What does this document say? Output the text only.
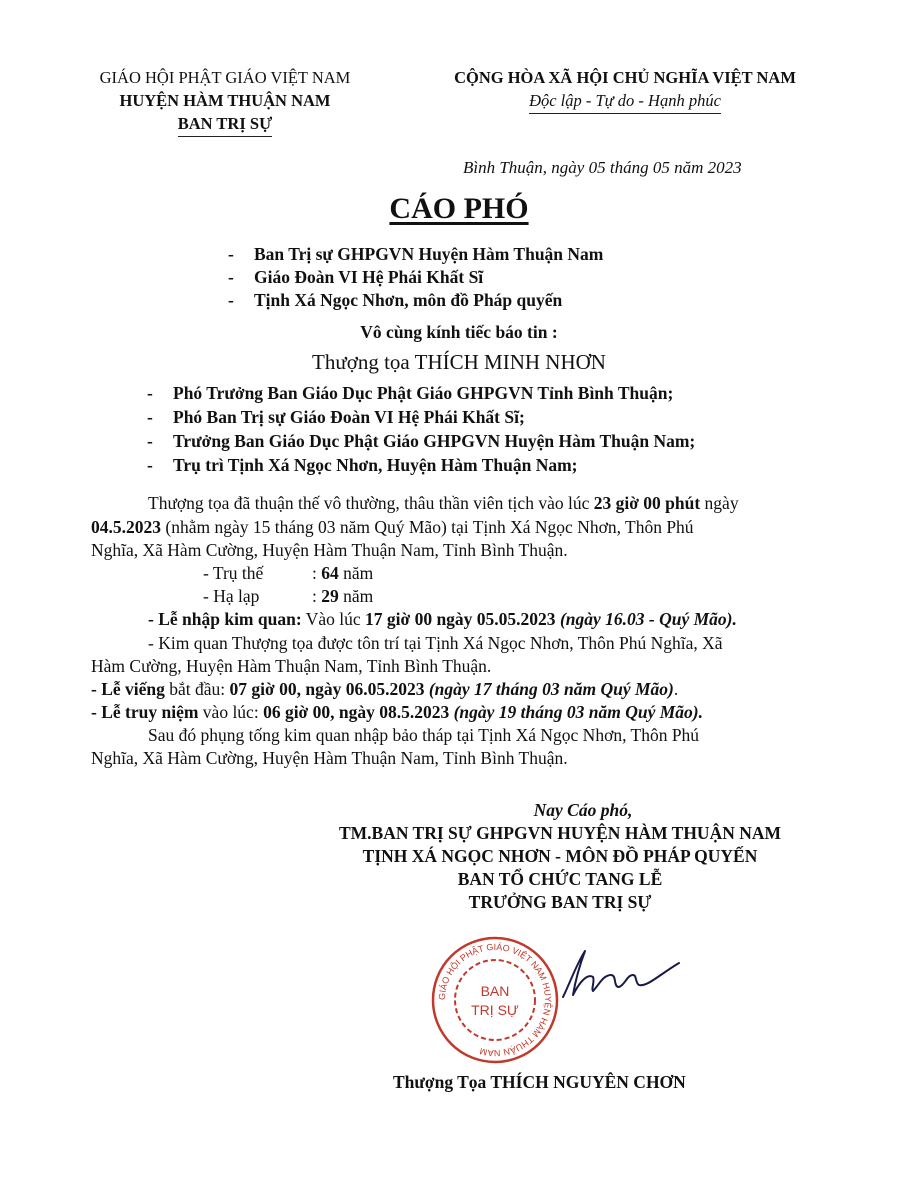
GIÁO HỘI PHẬT GIÁO VIỆT NAM
HUYỆN HÀM THUẬN NAM
BAN TRỊ SỰ
CỘNG HÒA XÃ HỘI CHỦ NGHĨA VIỆT NAM
Độc lập - Tự do - Hạnh phúc
Bình Thuận, ngày 05 tháng 05 năm 2023
CÁO PHÓ
- Ban Trị sự GHPGVN Huyện Hàm Thuận Nam
- Giáo Đoàn VI Hệ Phái Khất Sĩ
- Tịnh Xá Ngọc Nhơn, môn đồ Pháp quyến
Vô cùng kính tiếc báo tin :
Thượng tọa THÍCH MINH NHƠN
- Phó Trưởng Ban Giáo Dục Phật Giáo GHPGVN Tỉnh Bình Thuận;
- Phó Ban Trị sự Giáo Đoàn VI Hệ Phái Khất Sĩ;
- Trưởng Ban Giáo Dục Phật Giáo GHPGVN Huyện Hàm Thuận Nam;
- Trụ trì Tịnh Xá Ngọc Nhơn, Huyện Hàm Thuận Nam;
Thượng tọa đã thuận thế vô thường, thâu thần viên tịch vào lúc 23 giờ 00 phút ngày
04.5.2023 (nhằm ngày 15 tháng 03 năm Quý Mão) tại Tịnh Xá Ngọc Nhơn, Thôn Phú
Nghĩa, Xã Hàm Cường, Huyện Hàm Thuận Nam, Tỉnh Bình Thuận.
- Trụ thế	: 64 năm
- Hạ lạp	: 29 năm
- Lễ nhập kim quan: Vào lúc 17 giờ 00 ngày 05.05.2023 (ngày 16.03 - Quý Mão).
- Kim quan Thượng tọa được tôn trí tại Tịnh Xá Ngọc Nhơn, Thôn Phú Nghĩa, Xã
Hàm Cường, Huyện Hàm Thuận Nam, Tỉnh Bình Thuận.
- Lễ viếng bắt đầu: 07 giờ 00, ngày 06.05.2023 (ngày 17 tháng 03 năm Quý Mão).
- Lễ truy niệm vào lúc: 06 giờ 00, ngày 08.5.2023 (ngày 19 tháng 03 năm Quý Mão).
Sau đó phụng tống kim quan nhập bảo tháp tại Tịnh Xá Ngọc Nhơn, Thôn Phú
Nghĩa, Xã Hàm Cường, Huyện Hàm Thuận Nam, Tỉnh Bình Thuận.
Nay Cáo phó,
TM.BAN TRỊ SỰ GHPGVN HUYỆN HÀM THUẬN NAM
TỊNH XÁ NGỌC NHƠN - MÔN ĐỒ PHÁP QUYẾN
BAN TỔ CHỨC TANG LỄ
TRƯỞNG BAN TRỊ SỰ
GIÁO HỘI PHẬT GIÁO VIỆT NAM HUYỆN HÀM THUẬN NAM
BAN
TRỊ SỰ
Thượng Tọa THÍCH NGUYÊN CHƠN
